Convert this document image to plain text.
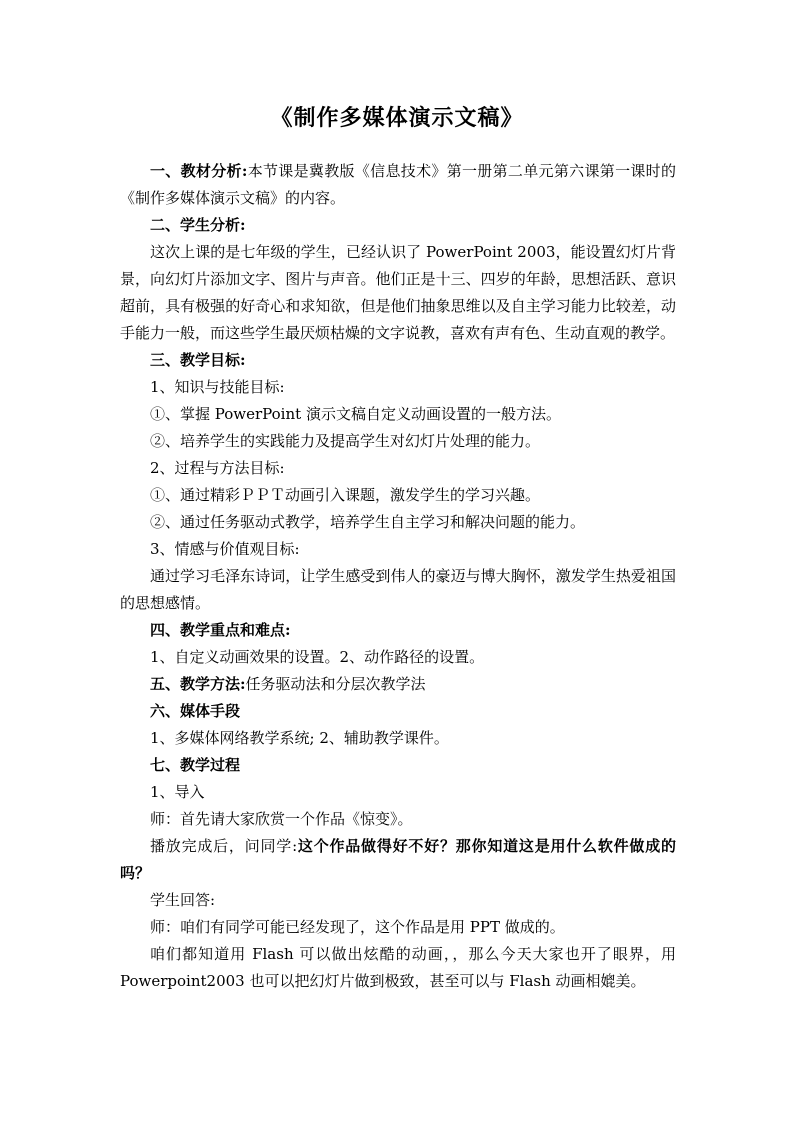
《制作多媒体演示文稿》

一、教材分析:本节课是冀教版《信息技术》第一册第二单元第六课第一课时的《制作多媒体演示文稿》的内容。

二、学生分析:

这次上课的是七年级的学生，已经认识了 PowerPoint 2003，能设置幻灯片背景，向幻灯片添加文字、图片与声音。他们正是十三、四岁的年龄，思想活跃、意识超前，具有极强的好奇心和求知欲，但是他们抽象思维以及自主学习能力比较差，动手能力一般，而这些学生最厌烦枯燥的文字说教，喜欢有声有色、生动直观的教学。

三、教学目标:

1、知识与技能目标:

①、掌握 PowerPoint 演示文稿自定义动画设置的一般方法。

②、培养学生的实践能力及提高学生对幻灯片处理的能力。

2、过程与方法目标:

①、通过精彩ＰＰＴ动画引入课题，激发学生的学习兴趣。

②、通过任务驱动式教学，培养学生自主学习和解决问题的能力。

3、情感与价值观目标:

通过学习毛泽东诗词，让学生感受到伟人的豪迈与博大胸怀，激发学生热爱祖国的思想感情。

四、教学重点和难点:

1、自定义动画效果的设置。2、动作路径的设置。

五、教学方法:任务驱动法和分层次教学法

六、媒体手段

1、多媒体网络教学系统; 2、辅助教学课件。

七、教学过程

1、导入

师：首先请大家欣赏一个作品《惊变》。

播放完成后，问同学:这个作品做得好不好？那你知道这是用什么软件做成的吗？

学生回答:

师：咱们有同学可能已经发现了，这个作品是用 PPT 做成的。

咱们都知道用 Flash 可以做出炫酷的动画，，那么今天大家也开了眼界，用 Powerpoint2003 也可以把幻灯片做到极致，甚至可以与 Flash 动画相媲美。
